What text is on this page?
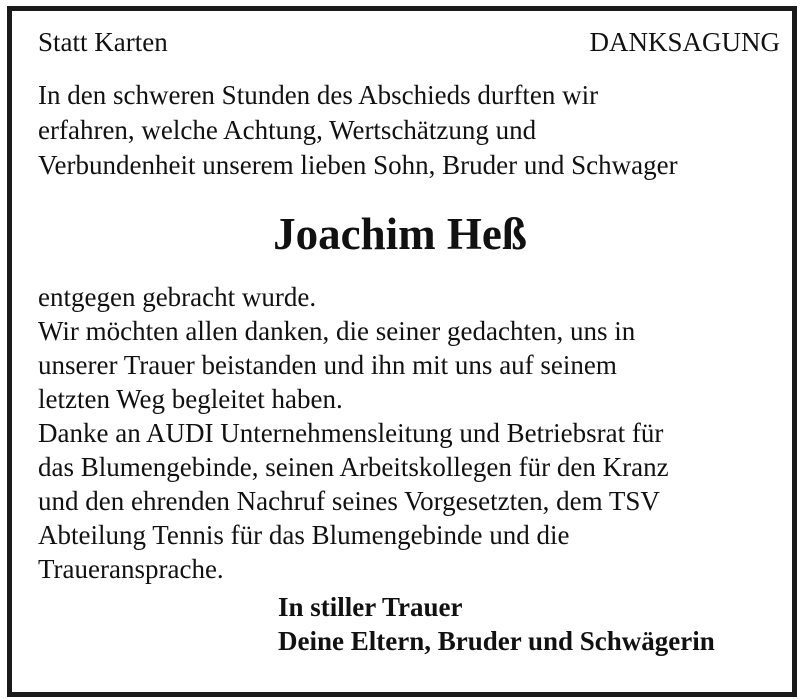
Statt Karten	DANKSAGUNG
In den schweren Stunden des Abschieds durften wir
erfahren, welche Achtung, Wertschätzung und
Verbundenheit unserem lieben Sohn, Bruder und Schwager
Joachim Heß
entgegen gebracht wurde.
Wir möchten allen danken, die seiner gedachten, uns in
unserer Trauer beistanden und ihn mit uns auf seinem
letzten Weg begleitet haben.
Danke an AUDI Unternehmensleitung und Betriebsrat für
das Blumengebinde, seinen Arbeitskollegen für den Kranz
und den ehrenden Nachruf seines Vorgesetzten, dem TSV
Abteilung Tennis für das Blumengebinde und die
Traueransprache.
In stiller Trauer
Deine Eltern, Bruder und Schwägerin
